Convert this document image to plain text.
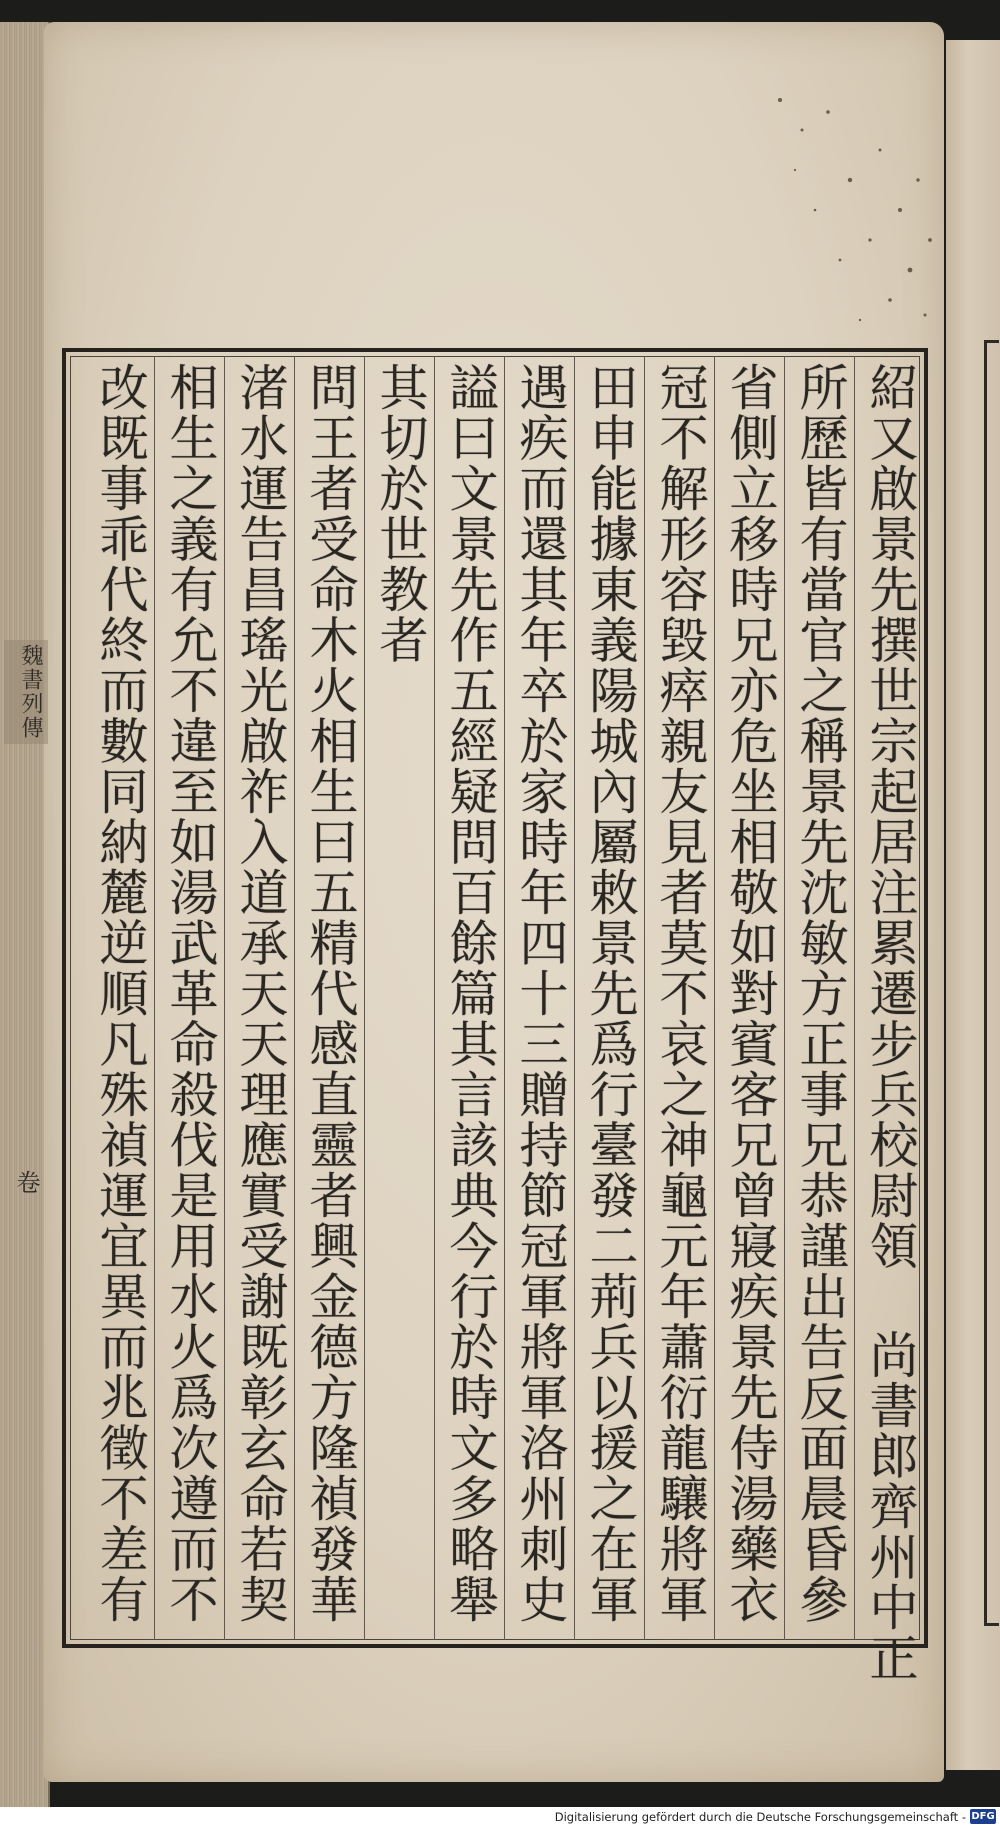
紹又啟景先撰世宗起居注累遷步兵校尉領 尚書郎齊州中正
所歷皆有當官之稱景先沈敏方正事兄恭謹出告反面晨昏參
省側立移時兄亦危坐相敬如對賓客兄曾寢疾景先侍湯藥衣
冠不解形容毀瘁親友見者莫不哀之神龜元年蕭衍龍驤將軍
田申能據東義陽城內屬敕景先爲行臺發二荊兵以援之在軍
遇疾而還其年卒於家時年四十三贈持節冠軍將軍洛州刺史
謚曰文景先作五經疑問百餘篇其言該典今行於時文多略舉
其切於世教者
問王者受命木火相生曰五精代感直靈者興金德方隆禎發華
渚水運告昌瑤光啟祚入道承天天理應實受謝既彰玄命若契
相生之義有允不違至如湯武革命殺伐是用水火爲次遵而不
改既事乖代終而數同納麓逆順凡殊禎運宜異而兆徵不差有
魏書列傳
卷
Digitalisierung gefördert durch die Deutsche Forschungsgemeinschaft - DFG
